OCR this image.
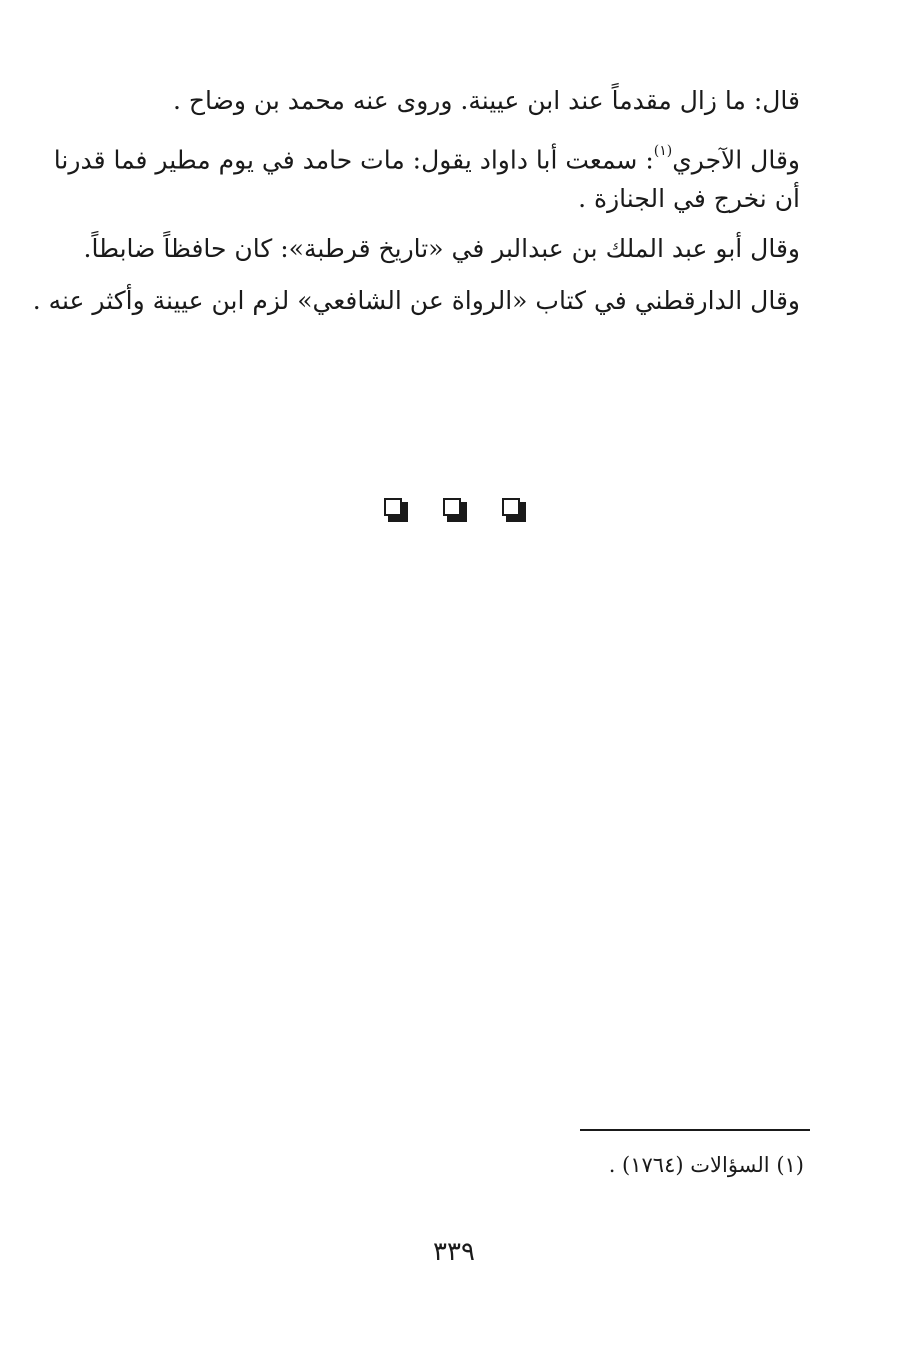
قال: ما زال مقدماً عند ابن عيينة. وروى عنه محمد بن وضاح .
وقال الآجري$^{(١)}$: سمعت أبا داواد يقول: مات حامد في يوم مطير فما قدرنا
أن نخرج في الجنازة .
وقال أبو عبد الملك بن عبدالبر في «تاريخ قرطبة»: كان حافظاً ضابطاً.
وقال الدارقطني في كتاب «الرواة عن الشافعي» لزم ابن عيينة وأكثر عنه .
(١) السؤالات (١٧٦٤) .
٣٣٩
